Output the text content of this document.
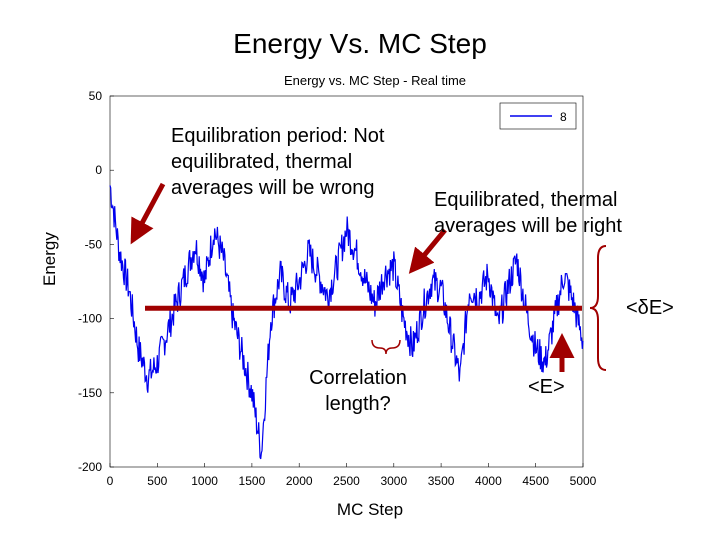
Energy Vs. MC Step
Energy vs. MC Step - Real time
0	500 1000 1500 2000 2500 3000 3500 4000 4500 5000
50
0
-50
-100
-150
-200
8
Energy
MC Step
Equilibration period: Not
equilibrated, thermal
averages will be wrong
Equilibrated, thermal
averages will be right
Correlation
length?
<E>
<δE>
